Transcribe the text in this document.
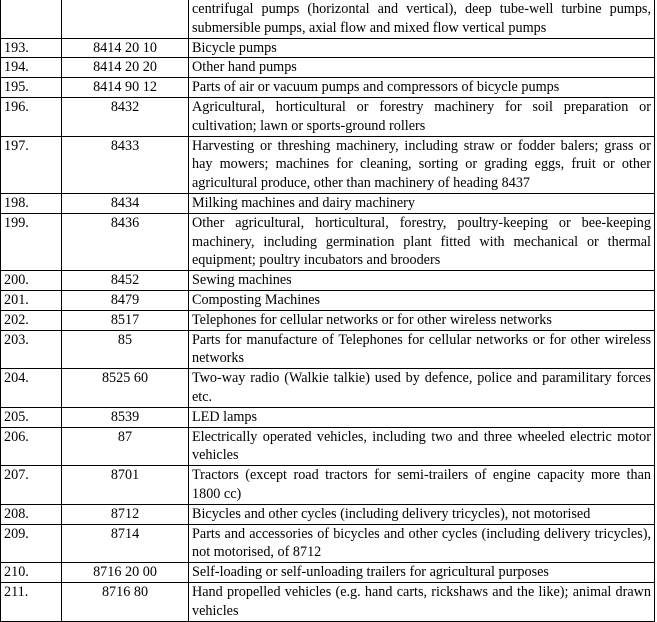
		centrifugal pumps (horizontal and vertical), deep tube-well turbine pumps, submersible pumps, axial flow and mixed flow vertical pumps
193.	8414 20 10	Bicycle pumps
194.	8414 20 20	Other hand pumps
195.	8414 90 12	Parts of air or vacuum pumps and compressors of bicycle pumps
196.	8432	Agricultural, horticultural or forestry machinery for soil preparation or cultivation; lawn or sports-ground rollers
197.	8433	Harvesting or threshing machinery, including straw or fodder balers; grass or hay mowers; machines for cleaning, sorting or grading eggs, fruit or other agricultural produce, other than machinery of heading 8437
198.	8434	Milking machines and dairy machinery
199.	8436	Other agricultural, horticultural, forestry, poultry-keeping or bee-keeping machinery, including germination plant fitted with mechanical or thermal equipment; poultry incubators and brooders
200.	8452	Sewing machines
201.	8479	Composting Machines
202.	8517	Telephones for cellular networks or for other wireless networks
203.	85	Parts for manufacture of Telephones for cellular networks or for other wireless networks
204.	8525 60	Two-way radio (Walkie talkie) used by defence, police and paramilitary forces etc.
205.	8539	LED lamps
206.	87	Electrically operated vehicles, including two and three wheeled electric motor vehicles
207.	8701	Tractors (except road tractors for semi-trailers of engine capacity more than 1800 cc)
208.	8712	Bicycles and other cycles (including delivery tricycles), not motorised
209.	8714	Parts and accessories of bicycles and other cycles (including delivery tricycles), not motorised, of 8712
210.	8716 20 00	Self-loading or self-unloading trailers for agricultural purposes
211.	8716 80	Hand propelled vehicles (e.g. hand carts, rickshaws and the like); animal drawn vehicles
